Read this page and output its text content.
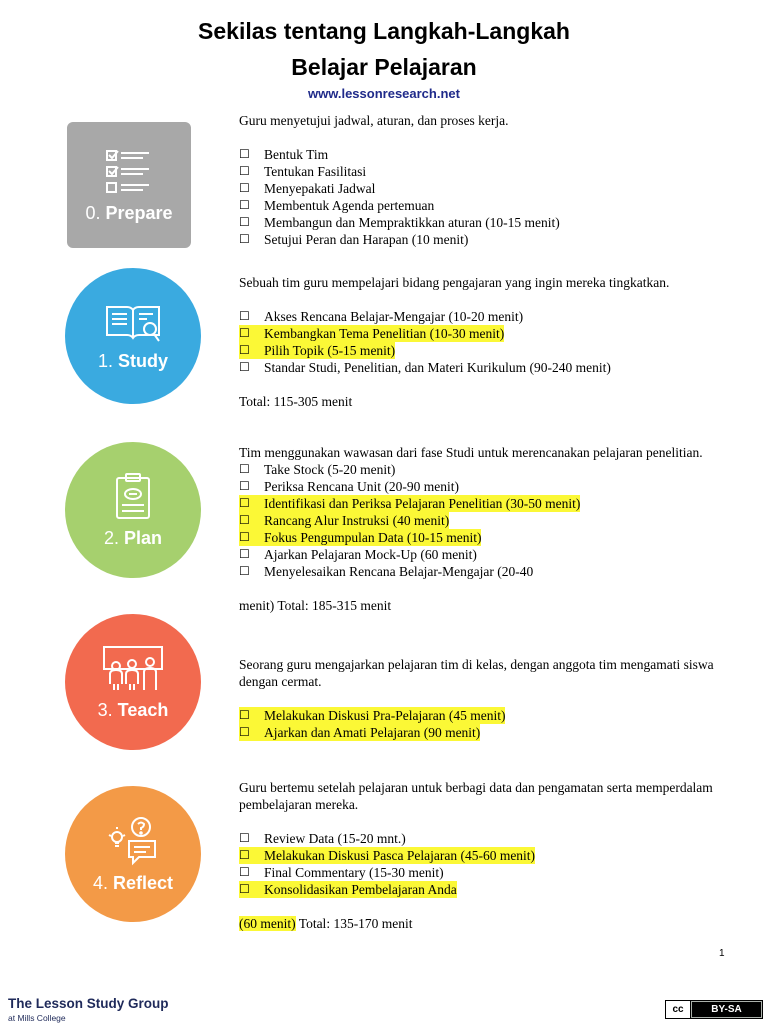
Sekilas tentang Langkah-Langkah
Belajar Pelajaran
www.lessonresearch.net
0. Prepare
1. Study
2. Plan
3. Teach
4. Reflect

Guru menyetujui jadwal, aturan, dan proses kerja.

☐	Bentuk Tim
☐	Tentukan Fasilitasi
☐	Menyepakati Jadwal
☐	Membentuk Agenda pertemuan
☐	Membangun dan Mempraktikkan aturan (10-15 menit)
☐	Setujui Peran dan Harapan (10 menit)

Sebuah tim guru mempelajari bidang pengajaran yang ingin mereka tingkatkan.

☐	Akses Rencana Belajar-Mengajar (10-20 menit)
☐	Kembangkan Tema Penelitian (10-30 menit)
☐	Pilih Topik (5-15 menit)
☐	Standar Studi, Penelitian, dan Materi Kurikulum (90-240 menit)

Total: 115-305 menit

Tim menggunakan wawasan dari fase Studi untuk merencanakan pelajaran penelitian.

☐	Take Stock (5-20 menit)
☐	Periksa Rencana Unit (20-90 menit)
☐	Identifikasi dan Periksa Pelajaran Penelitian (30-50 menit)
☐	Rancang Alur Instruksi (40 menit)
☐	Fokus Pengumpulan Data (10-15 menit)
☐	Ajarkan Pelajaran Mock-Up (60 menit)
☐	Menyelesaikan Rencana Belajar-Mengajar (20-40

menit) Total: 185-315 menit

Seorang guru mengajarkan pelajaran tim di kelas, dengan anggota tim mengamati siswa dengan cermat.

☐	Melakukan Diskusi Pra-Pelajaran (45 menit)
☐	Ajarkan dan Amati Pelajaran (90 menit)

Guru bertemu setelah pelajaran untuk berbagi data dan pengamatan serta memperdalam pembelajaran mereka.

☐	Review Data (15-20 mnt.)
☐	Melakukan Diskusi Pasca Pelajaran (45-60 menit)
☐	Final Commentary (15-30 menit)
☐	Konsolidasikan Pembelajaran Anda

(60 menit) Total: 135-170 menit

1
The Lesson Study Group
at Mills College
cc	BY-SA
